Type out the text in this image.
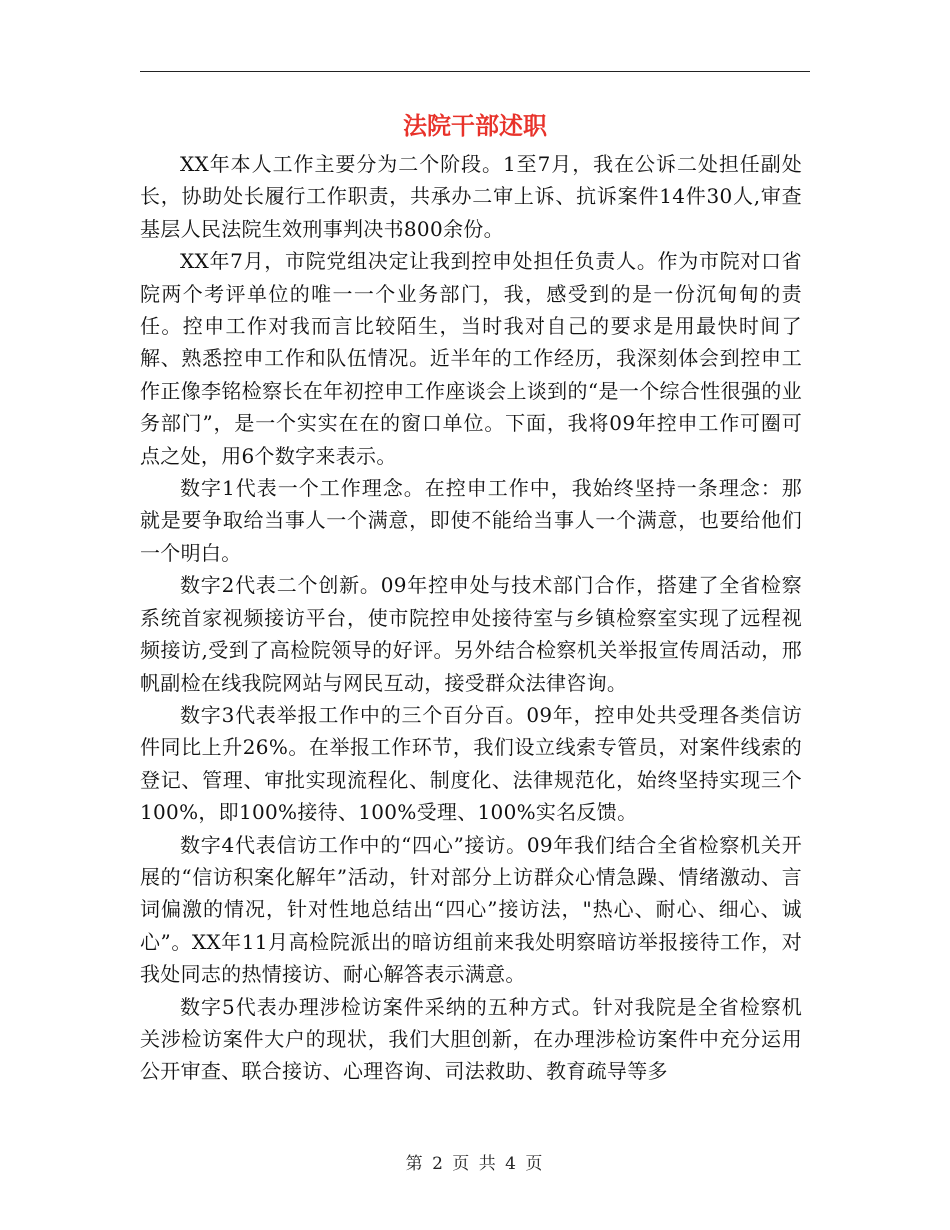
法院干部述职

XX年本人工作主要分为二个阶段。1至7月，我在公诉二处担任副处长，协助处长履行工作职责，共承办二审上诉、抗诉案件14件30人,审查基层人民法院生效刑事判决书800余份。

XX年7月，市院党组决定让我到控申处担任负责人。作为市院对口省院两个考评单位的唯一一个业务部门，我，感受到的是一份沉甸甸的责任。控申工作对我而言比较陌生，当时我对自己的要求是用最快时间了解、熟悉控申工作和队伍情况。近半年的工作经历，我深刻体会到控申工作正像李铭检察长在年初控申工作座谈会上谈到的“是一个综合性很强的业务部门”，是一个实实在在的窗口单位。下面，我将09年控申工作可圈可点之处，用6个数字来表示。

数字1代表一个工作理念。在控申工作中，我始终坚持一条理念：那就是要争取给当事人一个满意，即使不能给当事人一个满意，也要给他们一个明白。

数字2代表二个创新。09年控申处与技术部门合作，搭建了全省检察系统首家视频接访平台，使市院控申处接待室与乡镇检察室实现了远程视频接访,受到了高检院领导的好评。另外结合检察机关举报宣传周活动，邢帆副检在线我院网站与网民互动，接受群众法律咨询。

数字3代表举报工作中的三个百分百。09年，控申处共受理各类信访件同比上升26%。在举报工作环节，我们设立线索专管员，对案件线索的登记、管理、审批实现流程化、制度化、法律规范化，始终坚持实现三个100%，即100%接待、100%受理、100%实名反馈。

数字4代表信访工作中的“四心”接访。09年我们结合全省检察机关开展的“信访积案化解年”活动，针对部分上访群众心情急躁、情绪激动、言词偏激的情况，针对性地总结出“四心”接访法，"热心、耐心、细心、诚心”。XX年11月高检院派出的暗访组前来我处明察暗访举报接待工作，对我处同志的热情接访、耐心解答表示满意。

数字5代表办理涉检访案件采纳的五种方式。针对我院是全省检察机关涉检访案件大户的现状，我们大胆创新，在办理涉检访案件中充分运用公开审查、联合接访、心理咨询、司法救助、教育疏导等多

第 2 页 共 4 页
